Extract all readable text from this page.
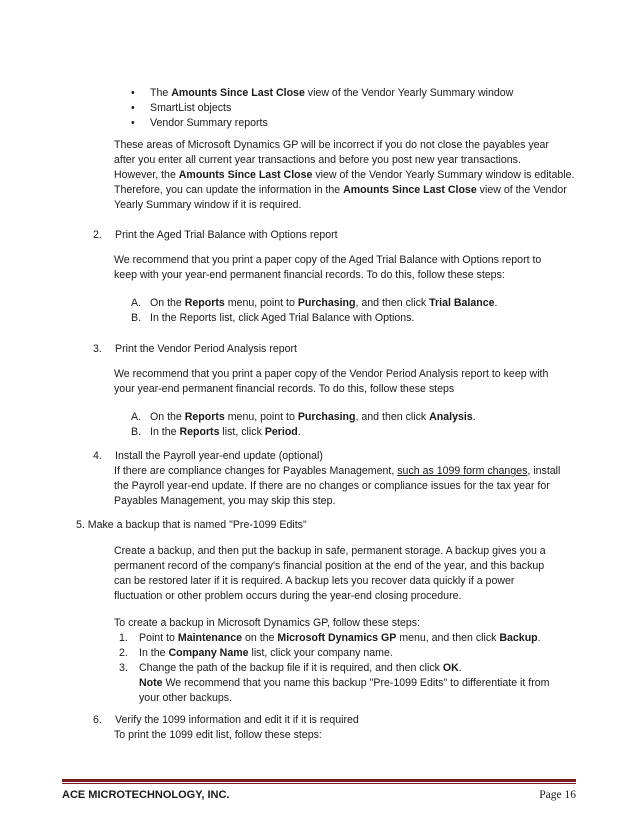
• The Amounts Since Last Close view of the Vendor Yearly Summary window
• SmartList objects
• Vendor Summary reports

These areas of Microsoft Dynamics GP will be incorrect if you do not close the payables year

after you enter all current year transactions and before you post new year transactions.

However, the Amounts Since Last Close view of the Vendor Yearly Summary window is editable.

Therefore, you can update the information in the Amounts Since Last Close view of the Vendor

Yearly Summary window if it is required.

2. Print the Aged Trial Balance with Options report

We recommend that you print a paper copy of the Aged Trial Balance with Options report to

keep with your year-end permanent financial records. To do this, follow these steps:

A. On the Reports menu, point to Purchasing, and then click Trial Balance.
B. In the Reports list, click Aged Trial Balance with Options.
3. Print the Vendor Period Analysis report

We recommend that you print a paper copy of the Vendor Period Analysis report to keep with

your year-end permanent financial records. To do this, follow these steps

A. On the Reports menu, point to Purchasing, and then click Analysis.
B. In the Reports list, click Period.
4. Install the Payroll year-end update (optional)

If there are compliance changes for Payables Management, such as 1099 form changes, install

the Payroll year-end update. If there are no changes or compliance issues for the tax year for

Payables Management, you may skip this step.

5. Make a backup that is named "Pre-1099 Edits"

Create a backup, and then put the backup in safe, permanent storage. A backup gives you a

permanent record of the company's financial position at the end of the year, and this backup

can be restored later if it is required. A backup lets you recover data quickly if a power

fluctuation or other problem occurs during the year-end closing procedure.

To create a backup in Microsoft Dynamics GP, follow these steps:

1. Point to Maintenance on the Microsoft Dynamics GP menu, and then click Backup.
2. In the Company Name list, click your company name.
3. Change the path of the backup file if it is required, and then click OK.
Note We recommend that you name this backup "Pre-1099 Edits" to differentiate it from
your other backups.
6. Verify the 1099 information and edit it if it is required

To print the 1099 edit list, follow these steps:

ACE MICROTECHNOLOGY, INC.	Page 16
